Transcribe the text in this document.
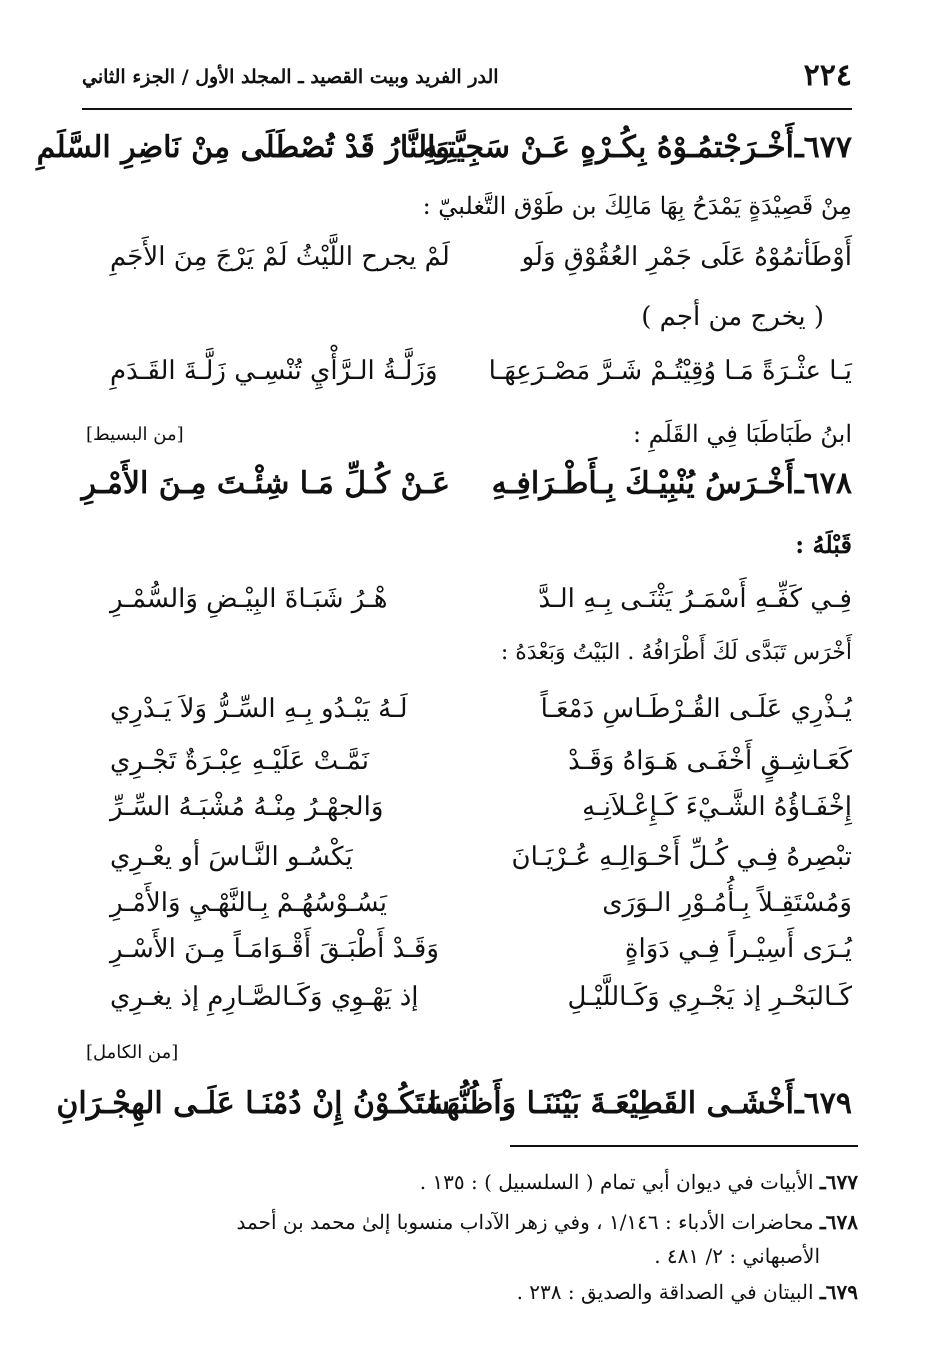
٢٢٤
الدر الفريد وبيت القصيد ـ المجلد الأول / الجزء الثاني
٦٧٧ـ
أَخْـرَجْتمُـوْهُ بِكُـرْهٍ عَـنْ سَجِيَّتِـهِ
وَالنَّارُ قَدْ تُصْطَلَى مِنْ نَاضِرِ السَّلَمِ
مِنْ قَصِيْدَةٍ يَمْدَحُ بِهَا مَالِكَ بن طَوْق التَّغلبيّ :
أَوْطَأتمُوْهُ عَلَى جَمْرِ العُقُوْقِ وَلَو
لَمْ يجرح اللَّيْثُ لَمْ يَرْجَ مِنَ الأَجَمِ
( يخرج من أجم )
يَـا عثْـرَةً مَـا وُقِيْتُـمْ شَـرَّ مَصْـرَعِهَـا
وَزَلَّـةُ الـرَّأْيِ تُنْسِـي زَلَّـةَ القَـدَمِ
ابنُ طَبَاطَبَا فِي القَلَمِ :
[من البسيط]
٦٧٨ـ
أَخْـرَسُ يُنْبِيْـكَ بِـأَطْـرَافِـهِ
عَـنْ كُـلِّ مَـا شِئْـتَ مِـنَ الأَمْـرِ
قَبْلَهُ :
فِـي كَفِّـهِ أَسْمَـرُ يَثْنَـى بِـهِ الـدَّ
هْـرُ شَبَـاةَ البِيْـضِ وَالسُّمْـرِ
أَخْرَس تَبَدَّى لَكَ أَطْرَافُهُ . البَيْتُ وَبَعْدَهُ :
يُـذْرِي عَلَـى القُـرْطَـاسِ دَمْعَـاً
لَـهُ يَبْـدُو بِـهِ السِّـرُّ وَلاَ يَـدْرِي
كَعَـاشِـقٍ أَخْفَـى هَـوَاهُ وَقَـدْ
نَمَّـتْ عَلَيْـهِ عِبْـرَةٌ تَجْـرِي
إِخْفَـاؤُهُ الشَّـيْءَ كَـإِعْـلاَنِـهِ
وَالجهْـرُ مِنْـهُ مُشْبَـهُ السِّـرِّ
تبْصِرهُ فِـي كُـلِّ أَحْـوَالِـهِ عُـرْيَـانَ
يَكْسُـو النَّـاسَ أو يعْـرِي
وَمُسْتَقِـلاً بِـأُمُـوْرِ الـوَرَى
يَسُـوْسُهُـمْ بِـالنَّهْـيِ وَالأَمْـرِ
يُـرَى أَسِيْـراً فِـي دَوَاةٍ
وَقَـدْ أَطْبَـقَ أَقْـوَامَـاً مِـنَ الأَسْـرِ
كَـالبَحْـرِ إذ يَجْـرِي وَكَـاللَّيْـلِ
إذ يَهْـوِي وَكَـالصَّـارِمِ إذ يغـرِي
[من الكامل]
٦٧٩ـ
أَخْشَـى القَطِيْعَـةَ بَيْنَنَـا وَأَظُنُّهَـا
سَتَكُـوْنُ إِنْ دُمْنَـا عَلَـى الهِجْـرَانِ
٦٧٧ـ الأبيات في ديوان أبي تمام ( السلسبيل ) : ١٣٥ .
٦٧٨ـ محاضرات الأدباء : ١/١٤٦ ، وفي زهر الآداب منسوبا إلىٰ محمد بن أحمد
الأصبهاني : ٢/ ٤٨١ .
٦٧٩ـ البيتان في الصداقة والصديق : ٢٣٨ .
